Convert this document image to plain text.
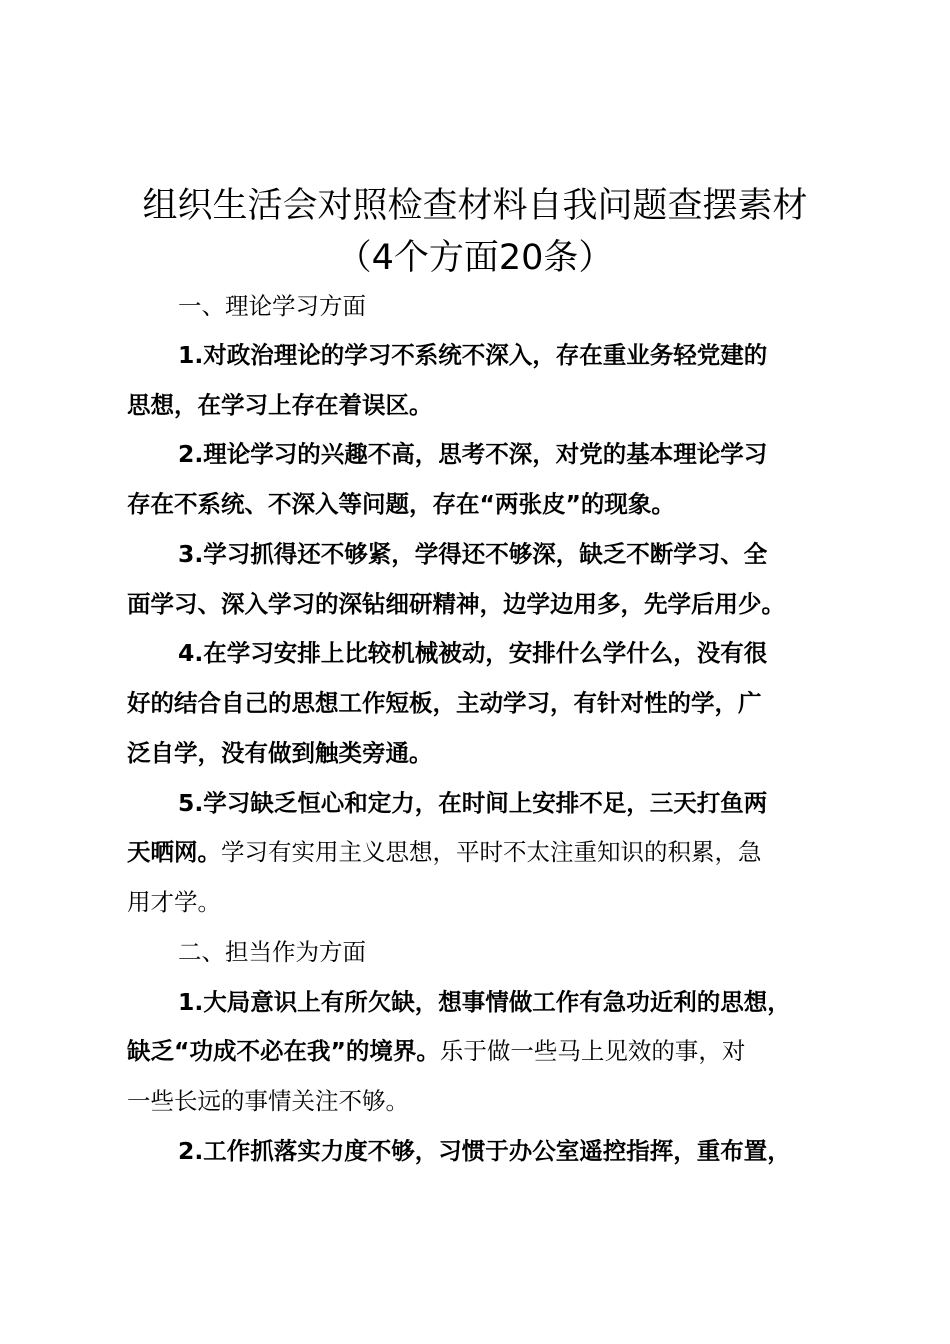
组织生活会对照检查材料自我问题查摆素材
（4个方面20条）
一、理论学习方面
1.对政治理论的学习不系统不深入，存在重业务轻党建的
思想，在学习上存在着误区。
2.理论学习的兴趣不高，思考不深，对党的基本理论学习
存在不系统、不深入等问题，存在“两张皮”的现象。
3.学习抓得还不够紧，学得还不够深，缺乏不断学习、全
面学习、深入学习的深钻细研精神，边学边用多，先学后用少。
4.在学习安排上比较机械被动，安排什么学什么，没有很
好的结合自己的思想工作短板，主动学习，有针对性的学，广
泛自学，没有做到触类旁通。
5.学习缺乏恒心和定力，在时间上安排不足，三天打鱼两
天晒网。学习有实用主义思想，平时不太注重知识的积累，急
用才学。
二、担当作为方面
1.大局意识上有所欠缺，想事情做工作有急功近利的思想，
缺乏“功成不必在我”的境界。乐于做一些马上见效的事，对
一些长远的事情关注不够。
2.工作抓落实力度不够，习惯于办公室遥控指挥，重布置，
